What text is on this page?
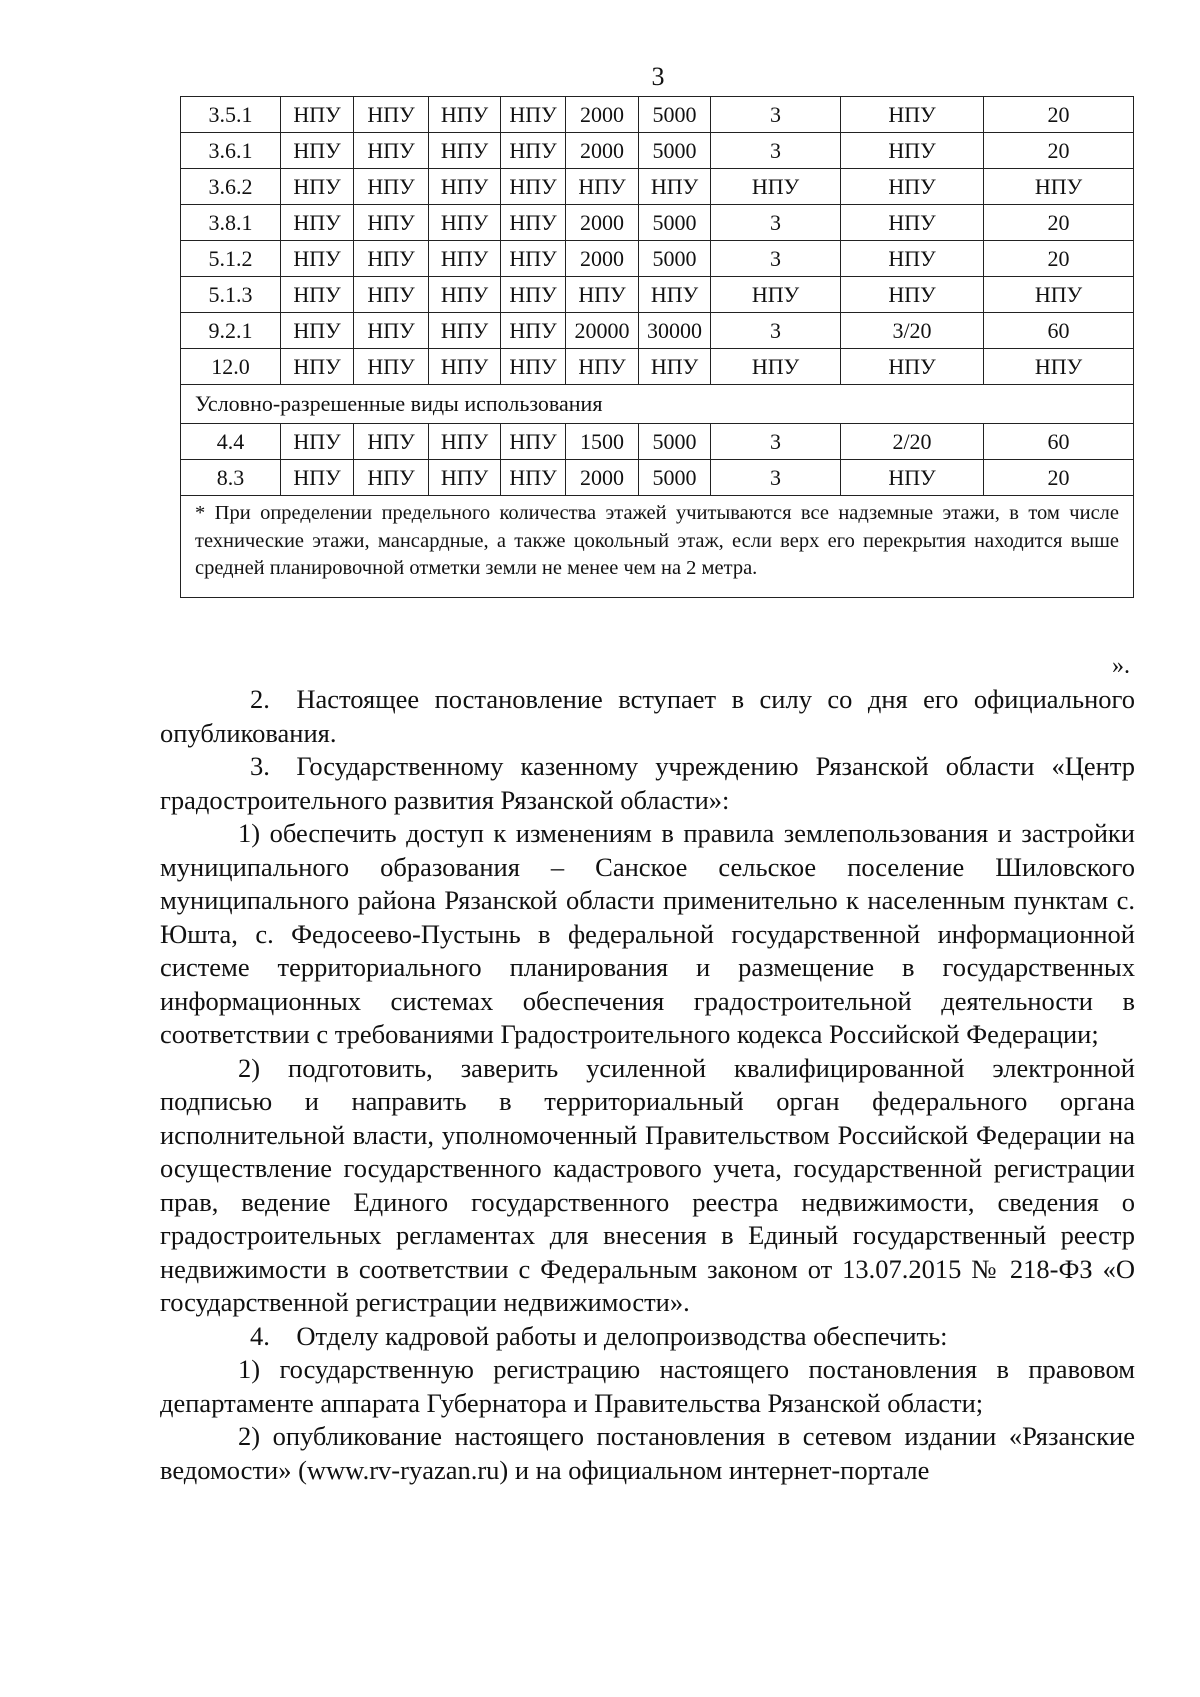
3
3.5.1	НПУ	НПУ	НПУ	НПУ	2000	5000	3	НПУ	20
3.6.1	НПУ	НПУ	НПУ	НПУ	2000	5000	3	НПУ	20
3.6.2	НПУ	НПУ	НПУ	НПУ	НПУ	НПУ	НПУ	НПУ	НПУ
3.8.1	НПУ	НПУ	НПУ	НПУ	2000	5000	3	НПУ	20
5.1.2	НПУ	НПУ	НПУ	НПУ	2000	5000	3	НПУ	20
5.1.3	НПУ	НПУ	НПУ	НПУ	НПУ	НПУ	НПУ	НПУ	НПУ
9.2.1	НПУ	НПУ	НПУ	НПУ	20000	30000	3	3/20	60
12.0	НПУ	НПУ	НПУ	НПУ	НПУ	НПУ	НПУ	НПУ	НПУ
Условно-разрешенные виды использования									
4.4	НПУ	НПУ	НПУ	НПУ	1500	5000	3	2/20	60
8.3	НПУ	НПУ	НПУ	НПУ	2000	5000	3	НПУ	20
* При определении предельного количества этажей учитываются все надземные этажи, в том числе технические этажи, мансардные, а также цокольный этаж, если верх его перекрытия находится выше средней планировочной отметки земли не менее чем на 2 метра.									
».

2. Настоящее постановление вступает в силу со дня его официального опубликования.

3. Государственному казенному учреждению Рязанской области «Центр градостроительного развития Рязанской области»:

1) обеспечить доступ к изменениям в правила землепользования и застройки муниципального образования – Санское сельское поселение Шиловского муниципального района Рязанской области применительно к населенным пунктам с. Юшта, с. Федосеево-Пустынь в федеральной государственной информационной системе территориального планирования и размещение в государственных информационных системах обеспечения градостроительной деятельности в соответствии с требованиями Градостроительного кодекса Российской Федерации;

2) подготовить, заверить усиленной квалифицированной электронной подписью и направить в территориальный орган федерального органа исполнительной власти, уполномоченный Правительством Российской Федерации на осуществление государственного кадастрового учета, государственной регистрации прав, ведение Единого государственного реестра недвижимости, сведения о градостроительных регламентах для внесения в Единый государственный реестр недвижимости в соответствии с Федеральным законом от 13.07.2015 № 218-ФЗ «О государственной регистрации недвижимости».

4. Отделу кадровой работы и делопроизводства обеспечить:

1) государственную регистрацию настоящего постановления в правовом департаменте аппарата Губернатора и Правительства Рязанской области;

2) опубликование настоящего постановления в сетевом издании «Рязанские ведомости» (www.rv-ryazan.ru) и на официальном интернет-портале
